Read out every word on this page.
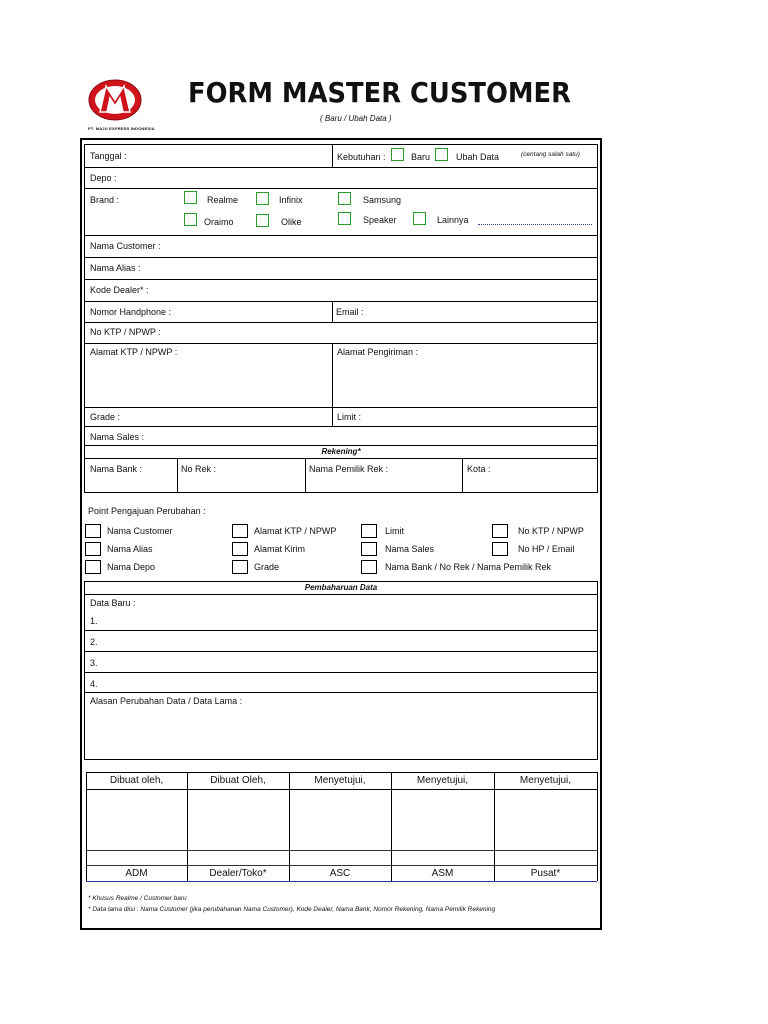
PT. MAJU EXPRESS INDONESIA
FORM MASTER CUSTOMER
( Baru / Ubah Data )
Tanggal :	Kebutuhan :	Baru	Ubah Data	(centang salah satu)
Depo :
Brand :	Realme	Infinix	Samsung
Oraimo	Olike	Speaker	Lainnya
Nama Customer :
Nama Alias :
Kode Dealer* :
Nomor Handphone :	Email :
No KTP / NPWP :
Alamat KTP / NPWP :	Alamat Pengiriman :
Grade :	Limit :
Nama Sales :
Rekening*
Nama Bank :	No Rek :	Nama Pemilik Rek :	Kota :
Point Pengajuan Perubahan :
Nama Customer	Alamat KTP / NPWP	Limit	No KTP / NPWP
Nama Alias	Alamat Kirim	Nama Sales	No HP / Email
Nama Depo	Grade	Nama Bank / No Rek / Nama Pemilik Rek
Pembaharuan Data
Data Baru :
1.
2.
3.
4.
Alasan Perubahan Data / Data Lama :
Dibuat oleh,	Dibuat Oleh,	Menyetujui,	Menyetujui,	Menyetujui,
ADM	Dealer/Toko*	ASC	ASM	Pusat*
* Khusus Realme / Customer baru
* Data lama diisi : Nama Customer (jika perubahanan Nama Customer), Kode Dealer, Nama Bank, Nomor Rekening, Nama Pemilik Rekening
